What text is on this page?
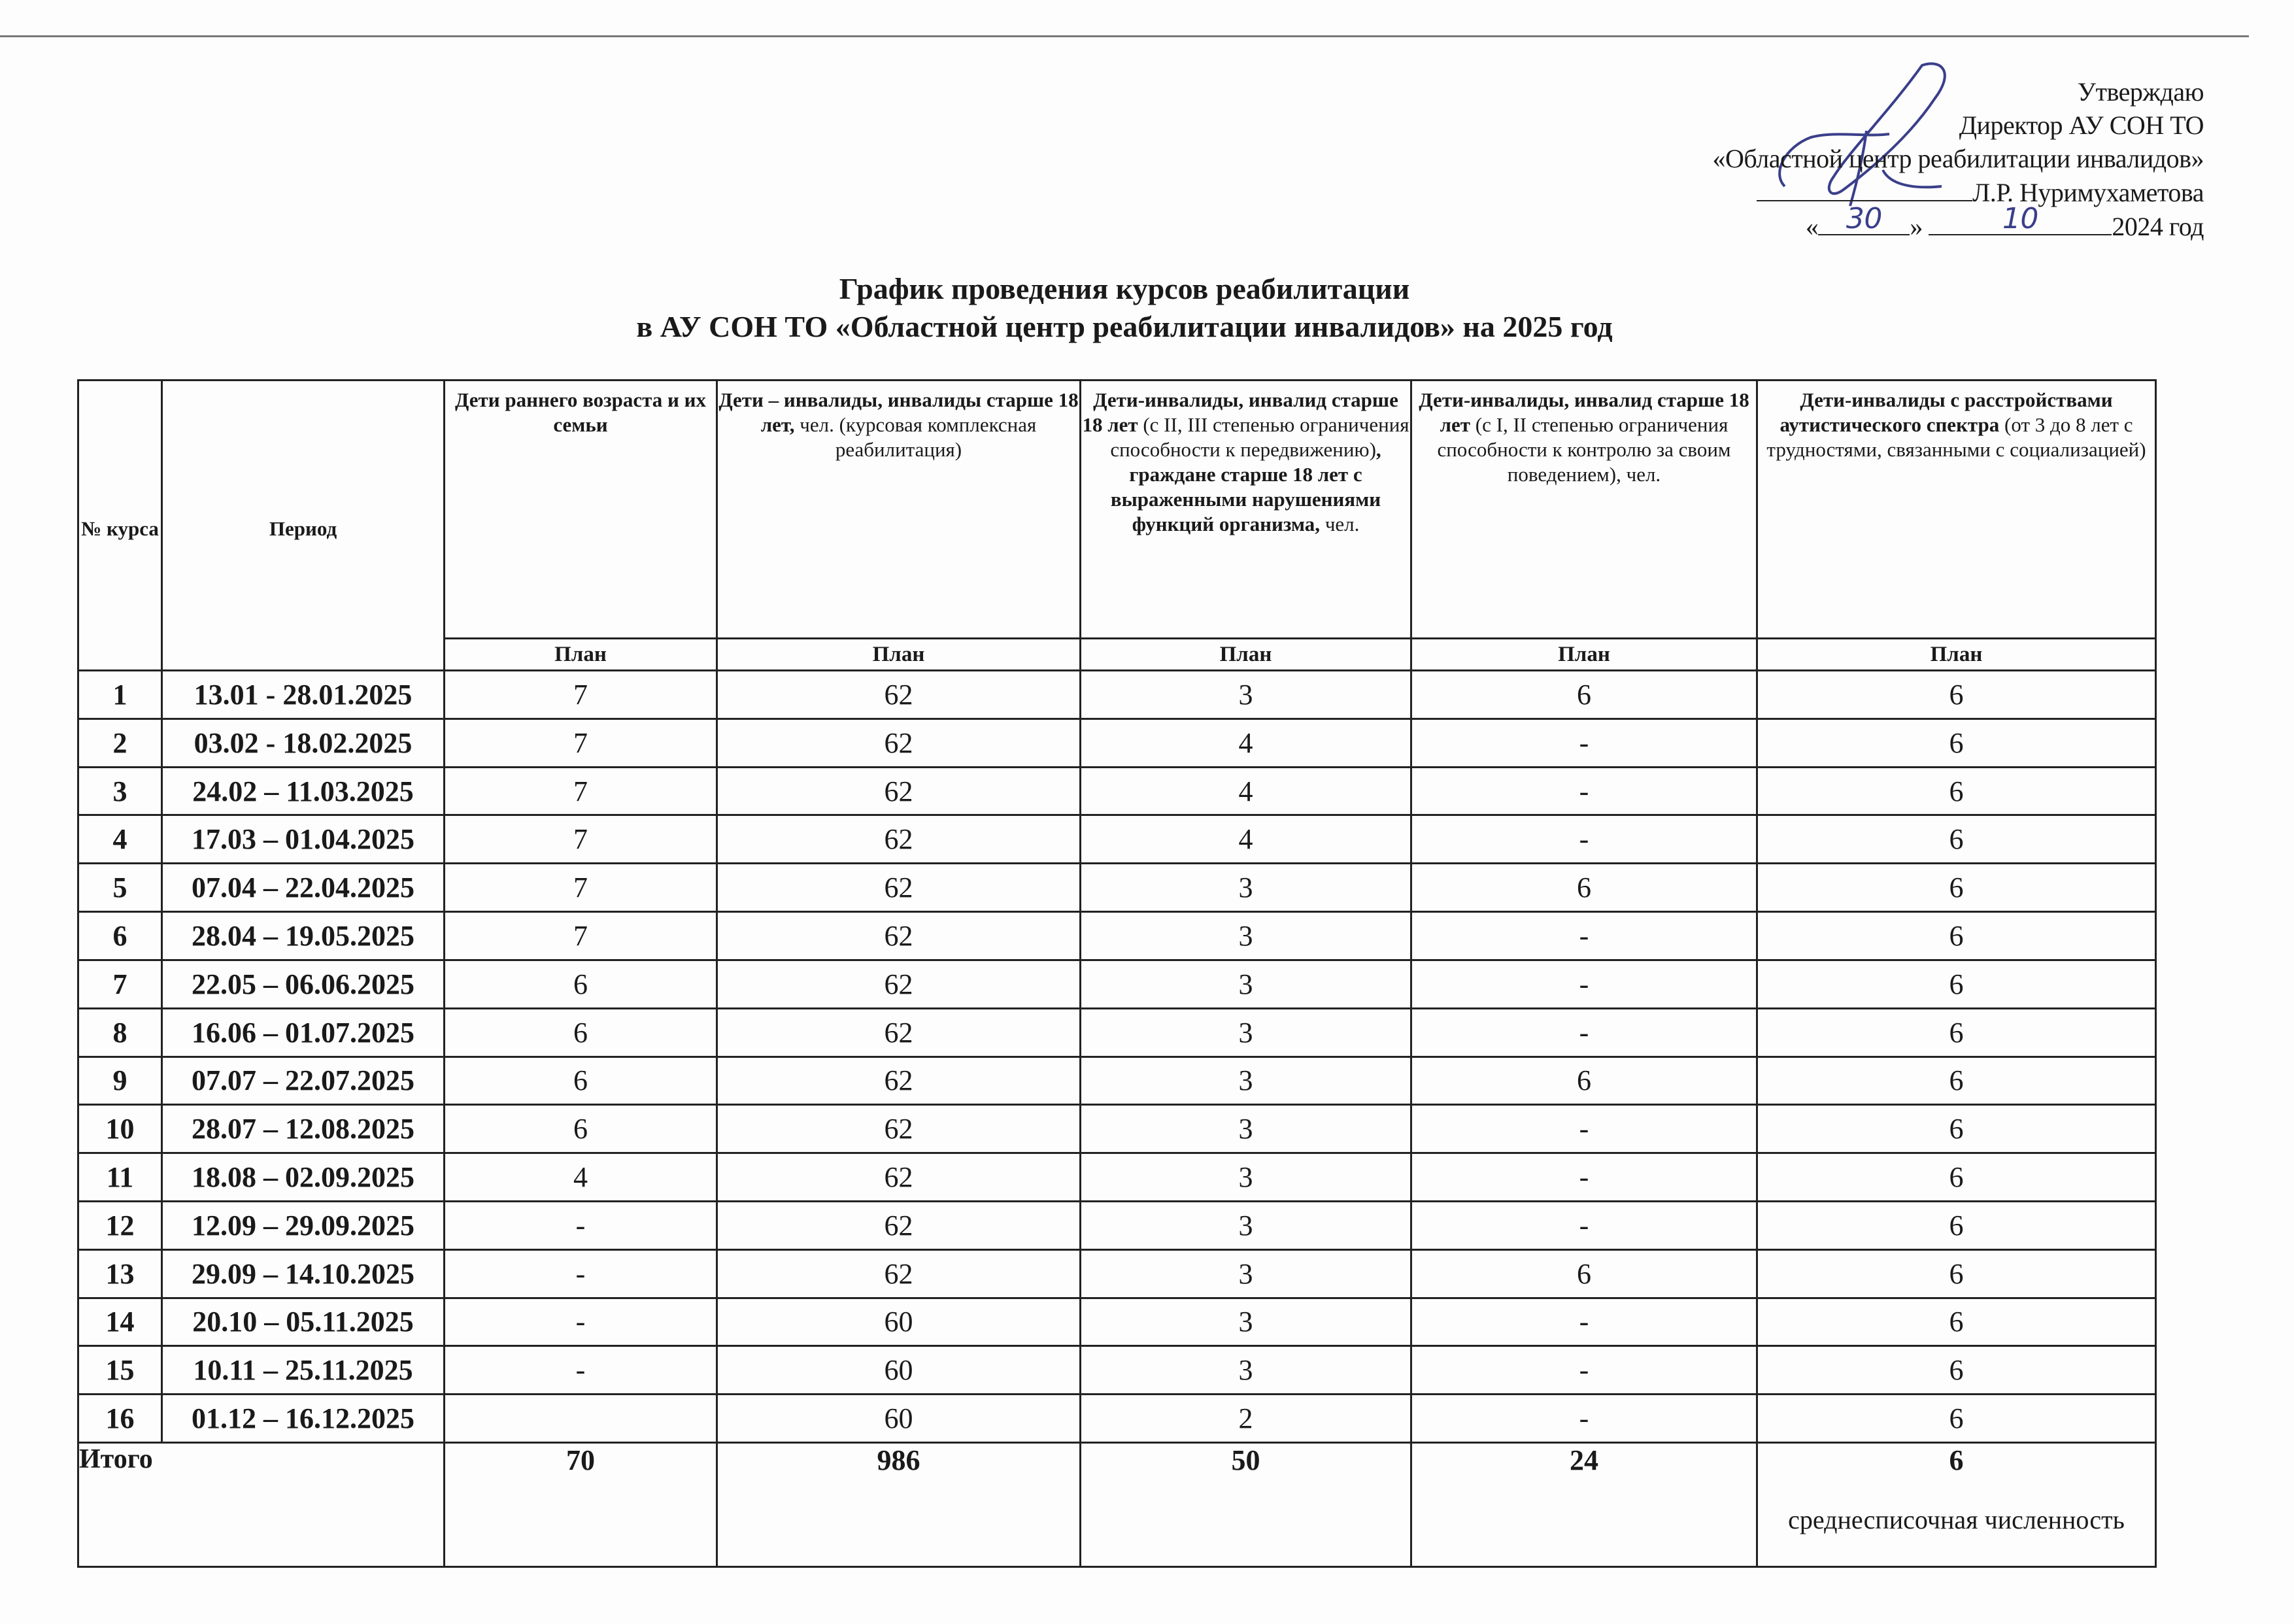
Утверждаю
Директор АУ СОН ТО
«Областной центр реабилитации инвалидов»
Л.Р. Нуримухаметова
« 30	»	10	2024 год
График проведения курсов реабилитации
в АУ СОН ТО «Областной центр реабилитации инвалидов» на 2025 год
№ курса	Период	Дети раннего возраста и их семьи	Дети – инвалиды, инвалиды старше 18 лет, чел. (курсовая комплексная реабилитация)	Дети-инвалиды, инвалид старше 18 лет (с II, III степенью ограничения способности к передвижению), граждане старше 18 лет с выраженными нарушениями функций организма, чел.	Дети-инвалиды, инвалид старше 18 лет (с I, II степенью ограничения способности к контролю за своим поведением), чел.	Дети-инвалиды с расстройствами аутистического спектра (от 3 до 8 лет с трудностями, связанными с социализацией)
		План	План	План	План	План
1	13.01 - 28.01.2025	7	62	3	6	6
2	03.02 - 18.02.2025	7	62	4	-	6
3	24.02 – 11.03.2025	7	62	4	-	6
4	17.03 – 01.04.2025	7	62	4	-	6
5	07.04 – 22.04.2025	7	62	3	6	6
6	28.04 – 19.05.2025	7	62	3	-	6
7	22.05 – 06.06.2025	6	62	3	-	6
8	16.06 – 01.07.2025	6	62	3	-	6
9	07.07 – 22.07.2025	6	62	3	6	6
10	28.07 – 12.08.2025	6	62	3	-	6
11	18.08 – 02.09.2025	4	62	3	-	6
12	12.09 – 29.09.2025	-	62	3	-	6
13	29.09 – 14.10.2025	-	62	3	6	6
14	20.10 – 05.11.2025	-	60	3	-	6
15	10.11 – 25.11.2025	-	60	3	-	6
16	01.12 – 16.12.2025		60	2	-	6
Итого		70	986	50	24	6
среднесписочная численность
